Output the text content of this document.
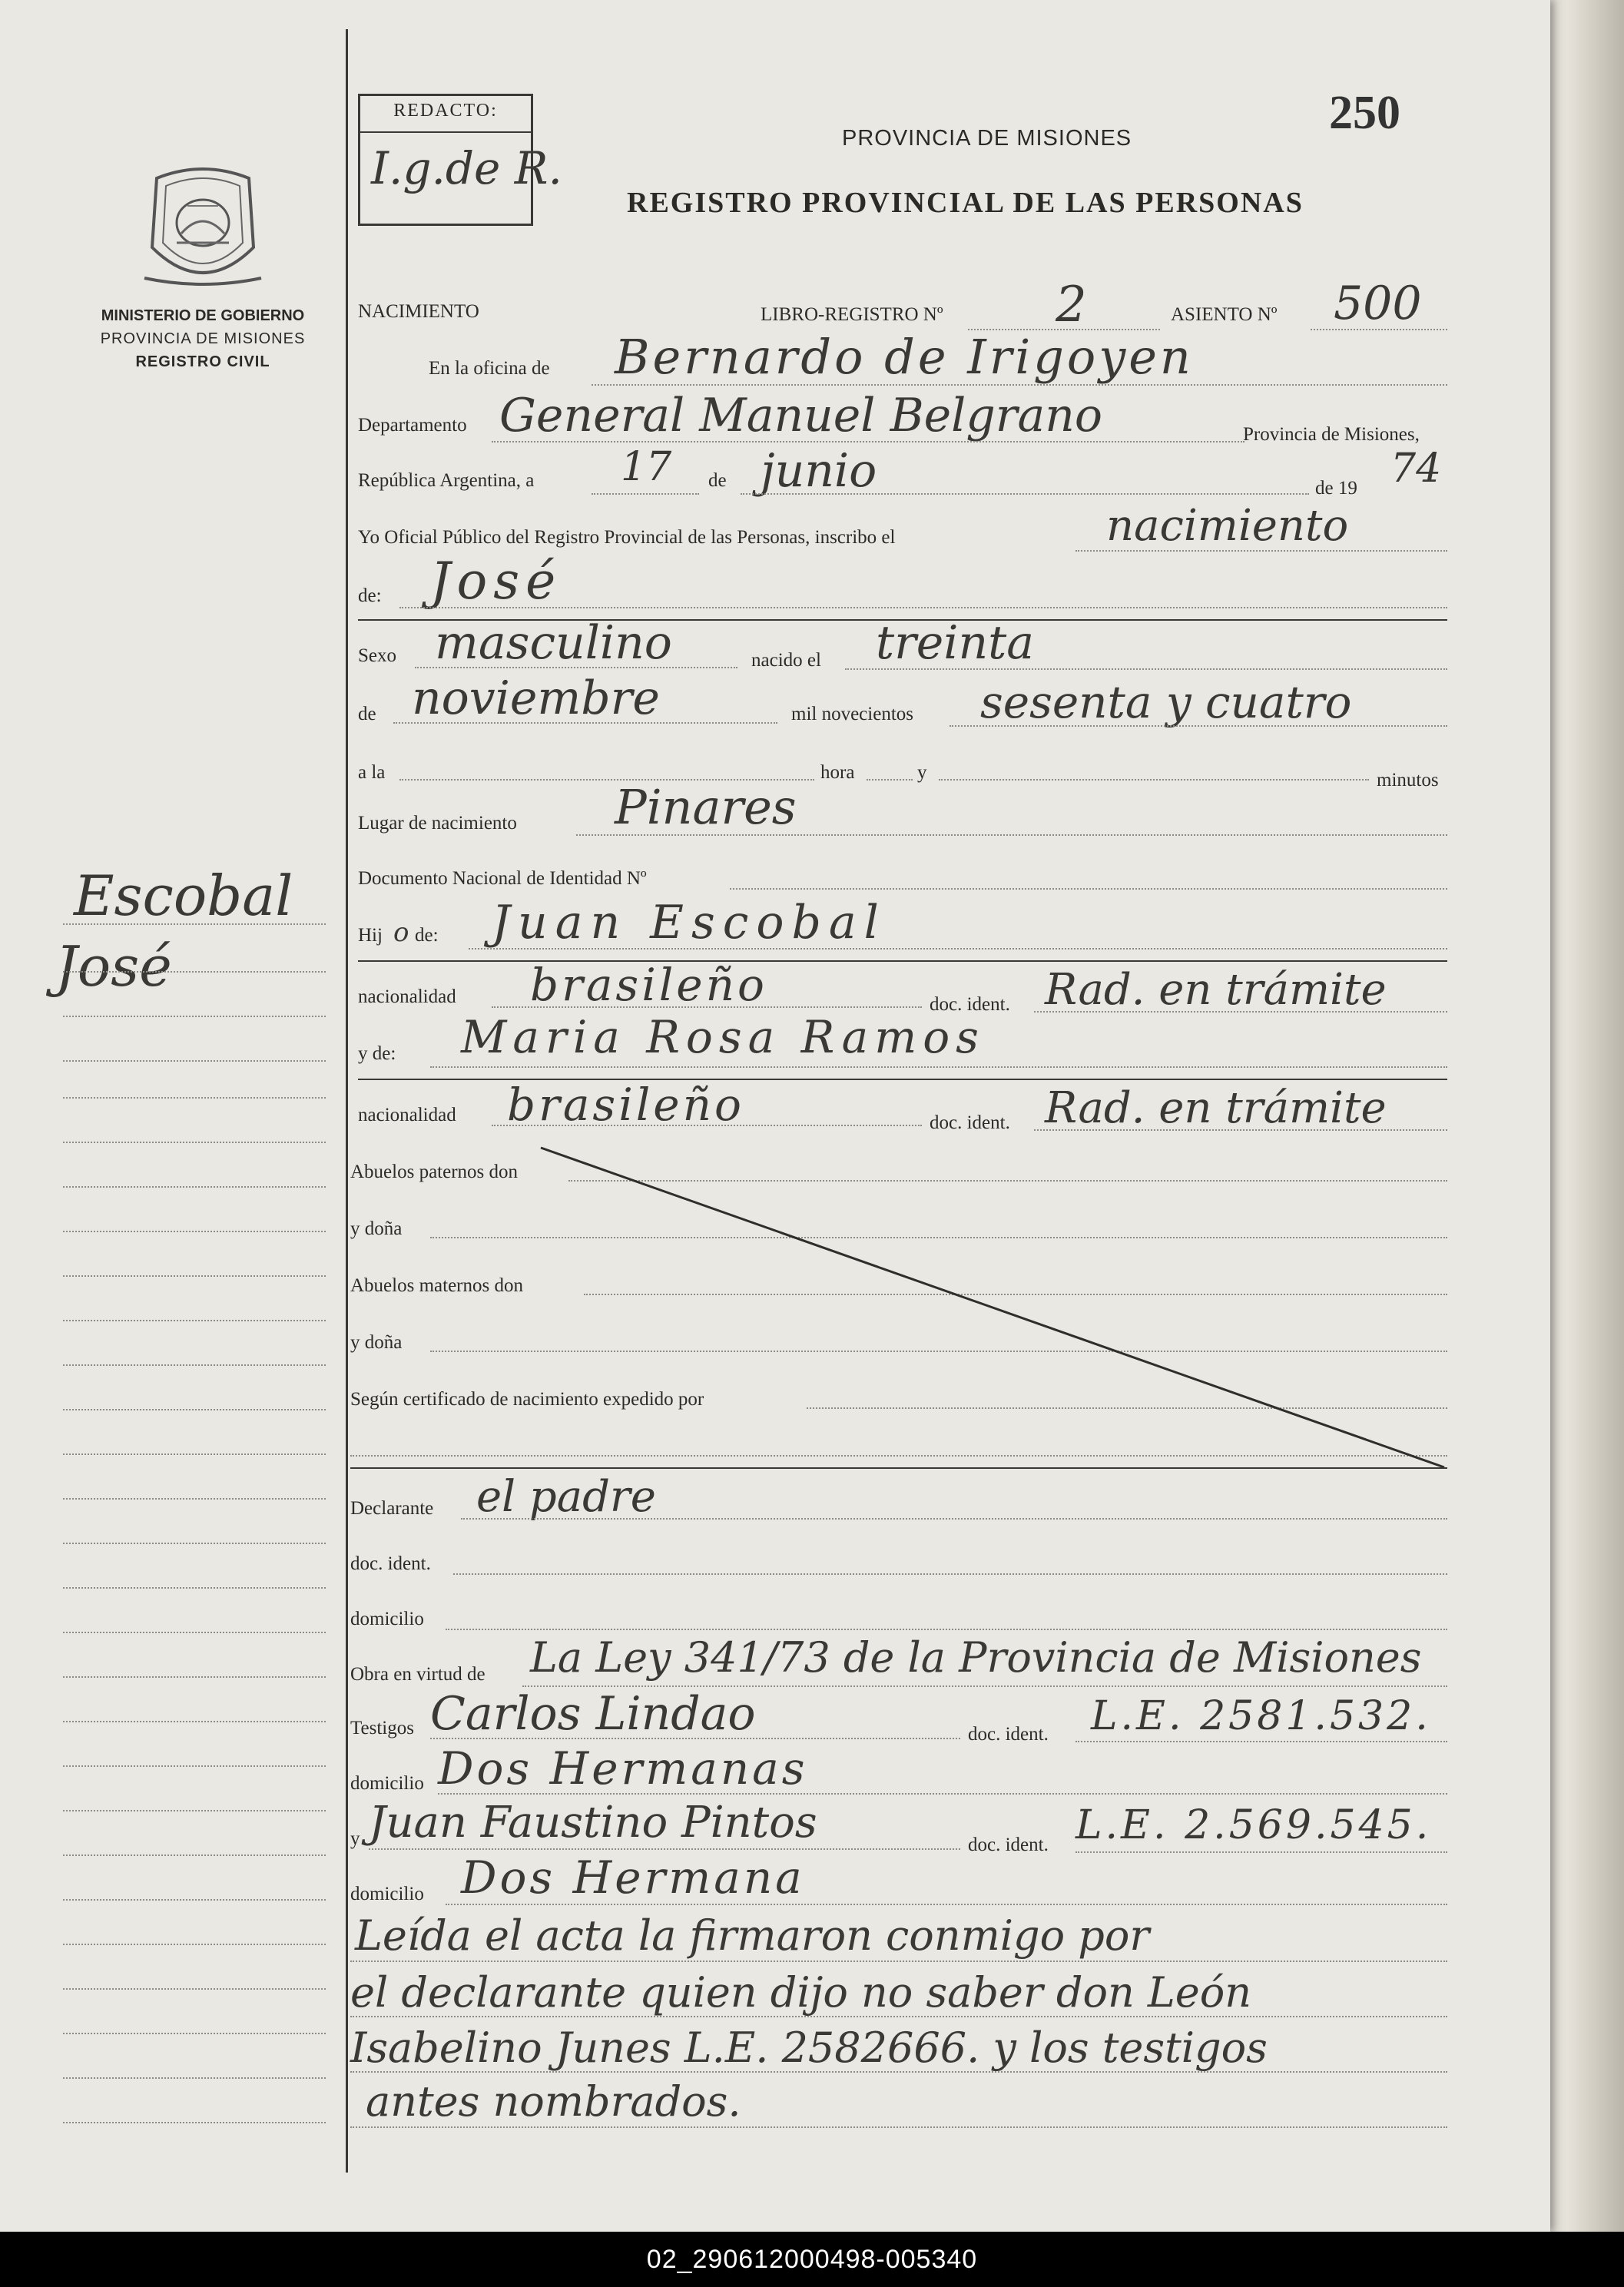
REDACTO:
I.g.de R.
MINISTERIO DE GOBIERNO
PROVINCIA DE MISIONES
REGISTRO CIVIL
Escobal
José
250
PROVINCIA DE MISIONES
REGISTRO PROVINCIAL DE LAS PERSONAS
NACIMIENTO	LIBRO-REGISTRO Nº 2	ASIENTO Nº 500
En la oficina de Bernardo de Irigoyen
Departamento General Manuel Belgrano	Provincia de Misiones,
República Argentina, a 17 de junio	de 19 74
Yo Oficial Público del Registro Provincial de las Personas, inscribo el	nacimiento
de: José
Sexo masculino	nacido el treinta
de noviembre	mil novecientos sesenta y cuatro
a la	hora	y	minutos
Lugar de nacimiento Pinares
Documento Nacional de Identidad Nº
Hij o de: Juan Escobal
nacionalidad brasileño	doc. ident. Rad. en trámite
y de: Maria Rosa Ramos
nacionalidad brasileño	doc. ident. Rad. en trámite
Abuelos paternos don
y doña
Abuelos maternos don
y doña
Según certificado de nacimiento expedido por
Declarante el padre
doc. ident.
domicilio
Obra en virtud de La Ley 341/73 de la Provincia de Misiones
Testigos Carlos Lindao	doc. ident. L.E. 2581.532.
domicilio Dos Hermanas
y Juan Faustino Pintos	doc. ident. L.E. 2.569.545.
domicilio Dos Hermana
Leída el acta la firmaron conmigo por
el declarante quien dijo no saber don León
Isabelino Junes L.E. 2582666. y los testigos
antes nombrados.
02_290612000498-005340
